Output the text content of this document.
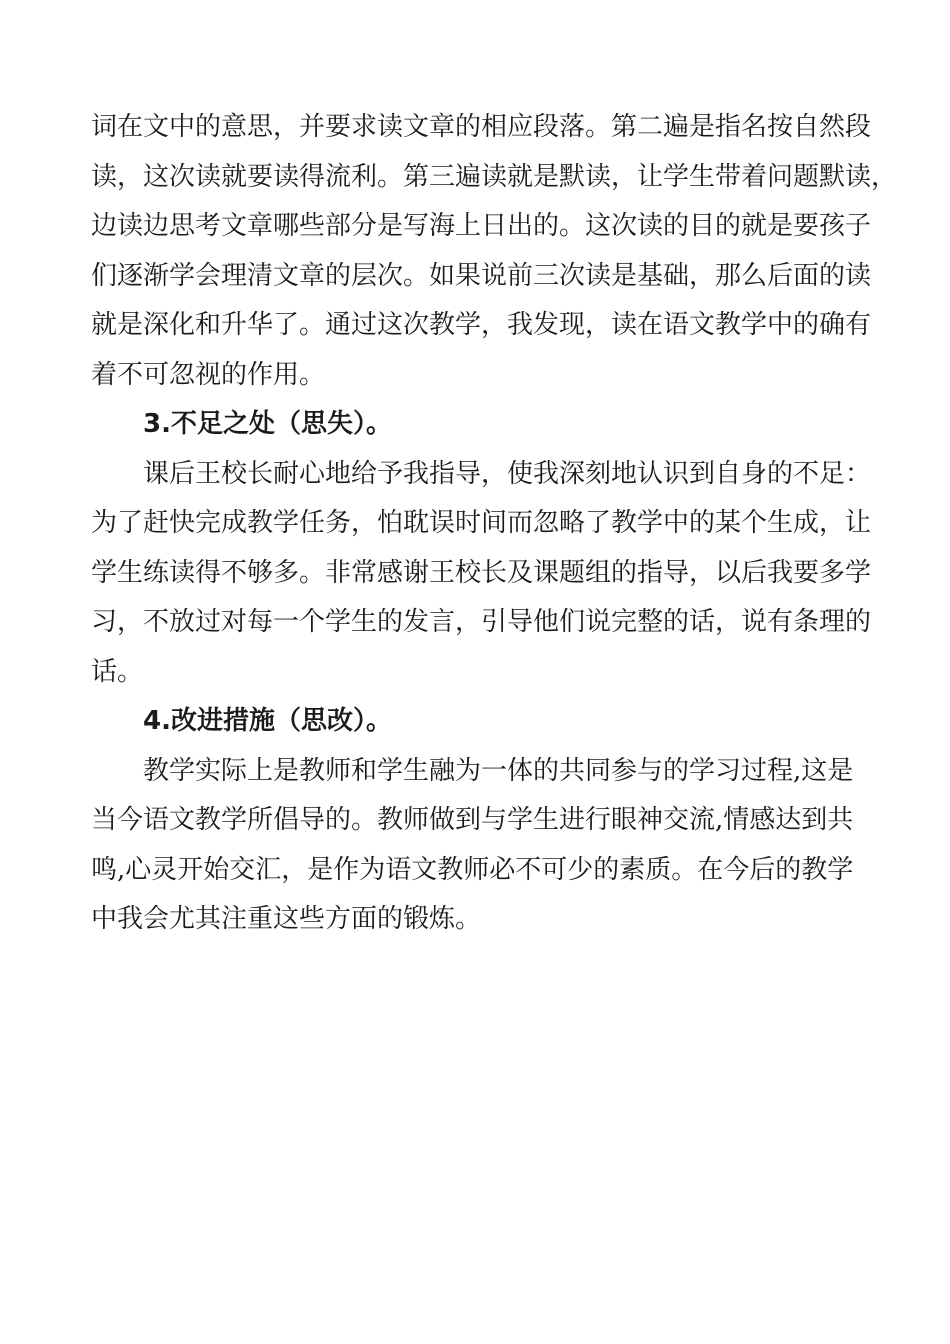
词在文中的意思，并要求读文章的相应段落。第二遍是指名按自然段
读，这次读就要读得流利。第三遍读就是默读，让学生带着问题默读，
边读边思考文章哪些部分是写海上日出的。这次读的目的就是要孩子
们逐渐学会理清文章的层次。如果说前三次读是基础，那么后面的读
就是深化和升华了。通过这次教学，我发现，读在语文教学中的确有
着不可忽视的作用。
3.不足之处（思失）。
课后王校长耐心地给予我指导，使我深刻地认识到自身的不足：
为了赶快完成教学任务，怕耽误时间而忽略了教学中的某个生成，让
学生练读得不够多。非常感谢王校长及课题组的指导，以后我要多学
习，不放过对每一个学生的发言，引导他们说完整的话，说有条理的
话。
4.改进措施（思改）。
教学实际上是教师和学生融为一体的共同参与的学习过程,这是
当今语文教学所倡导的。教师做到与学生进行眼神交流,情感达到共
鸣,心灵开始交汇，是作为语文教师必不可少的素质。在今后的教学
中我会尤其注重这些方面的锻炼。
